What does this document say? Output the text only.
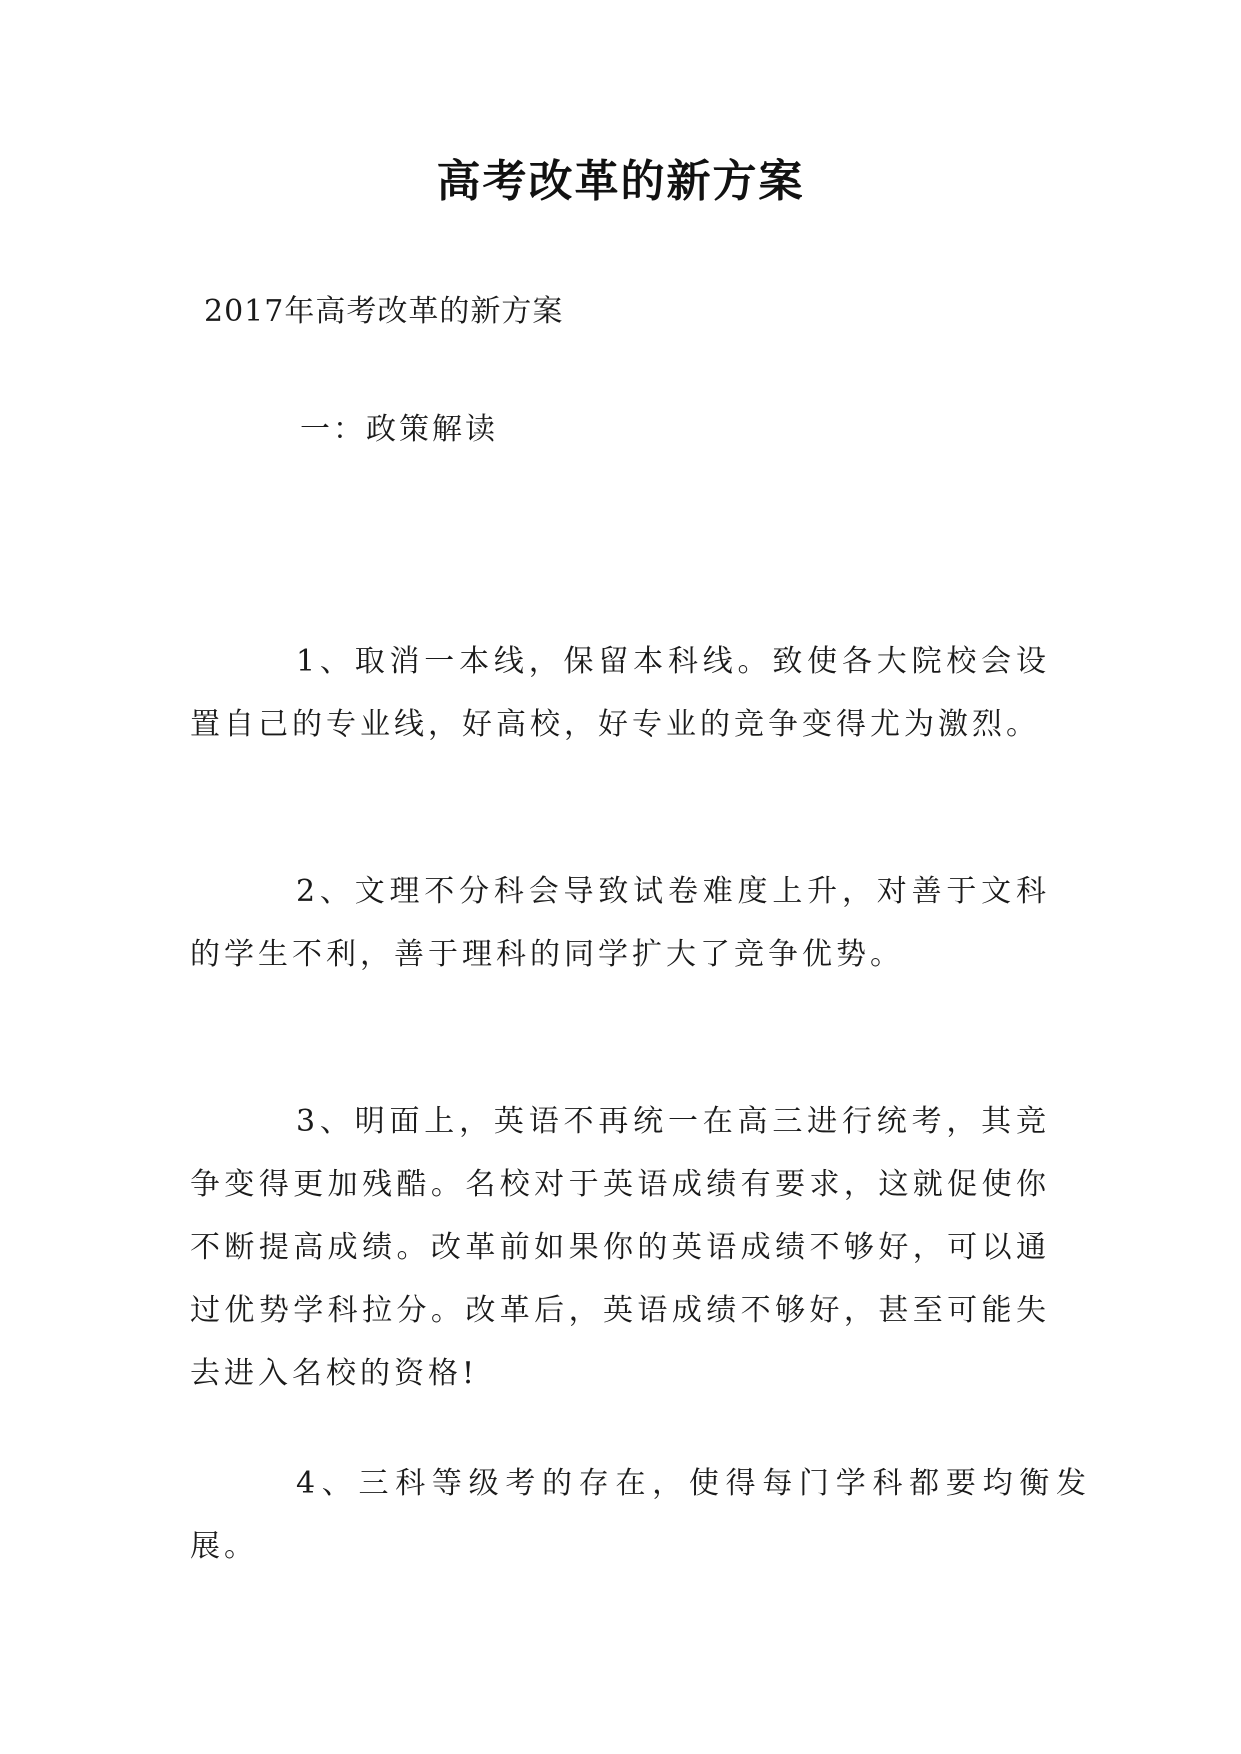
高考改革的新方案
2017年高考改革的新方案
一：政策解读

1、取消一本线，保留本科线。致使各大院校会设置自己的专业线，好高校，好专业的竞争变得尤为激烈。

2、文理不分科会导致试卷难度上升，对善于文科的学生不利，善于理科的同学扩大了竞争优势。

3、明面上，英语不再统一在高三进行统考，其竞争变得更加残酷。名校对于英语成绩有要求，这就促使你不断提高成绩。改革前如果你的英语成绩不够好，可以通过优势学科拉分。改革后，英语成绩不够好，甚至可能失去进入名校的资格!

4、三科等级考的存在，使得每门学科都要均衡发展。
